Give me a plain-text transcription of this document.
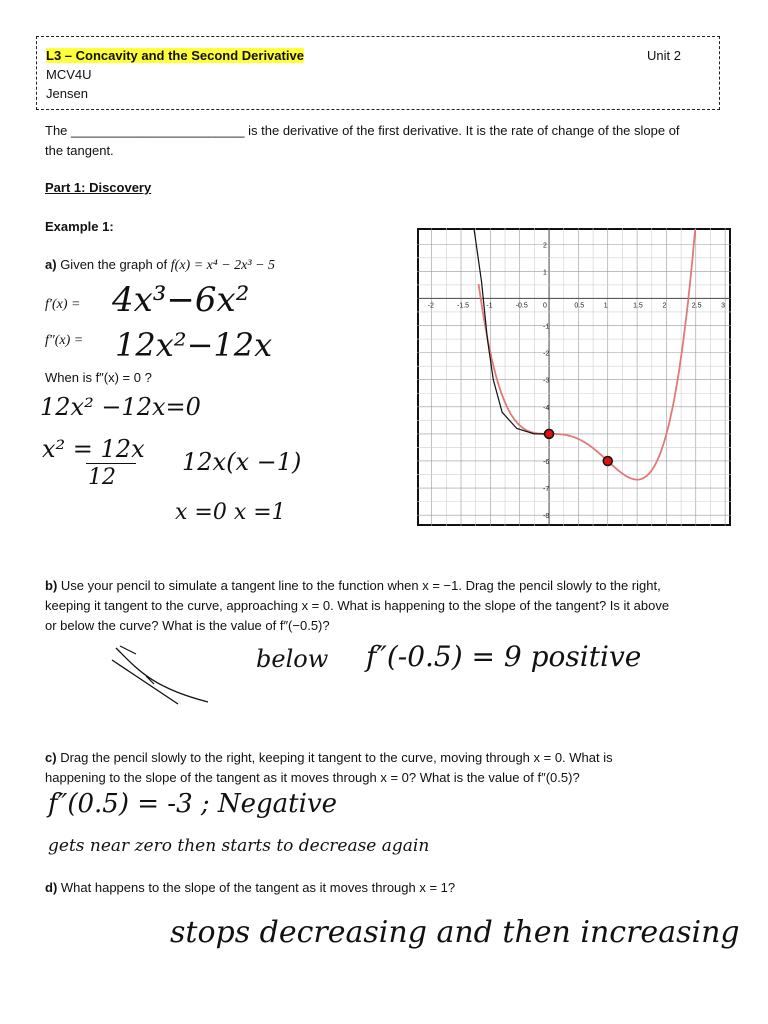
L3 – Concavity and the Second Derivative	Unit 2
MCV4U
Jensen

The ________________________ is the derivative of the first derivative. It is the rate of change of the slope of

the tangent.

Part 1: Discovery
Example 1:
a) Given the graph of f(x) = x⁴ − 2x³ − 5
f′(x) = 4x³−6x²
f″(x) = 12x²−12x
When is f″(x) = 0 ?
12x² −12x=0
x² = 12x
12
12x(x −1)
x =0 x =1
-2	-1.5 -1	-0.5 0	0.5	1	1.5	2	2.5	3
2
1
-1
-2
-3
-4
-6
-7
-8

b) Use your pencil to simulate a tangent line to the function when x = −1. Drag the pencil slowly to the right,

keeping it tangent to the curve, approaching x = 0. What is happening to the slope of the tangent? Is it above

or below the curve? What is the value of f″(−0.5)?

below f″(-0.5) = 9 positive

c) Drag the pencil slowly to the right, keeping it tangent to the curve, moving through x = 0. What is

happening to the slope of the tangent as it moves through x = 0? What is the value of f″(0.5)?

f″(0.5) = -3 ; Negative
gets near zero then starts to decrease again
d) What happens to the slope of the tangent as it moves through x = 1?
stops decreasing and then increasing
